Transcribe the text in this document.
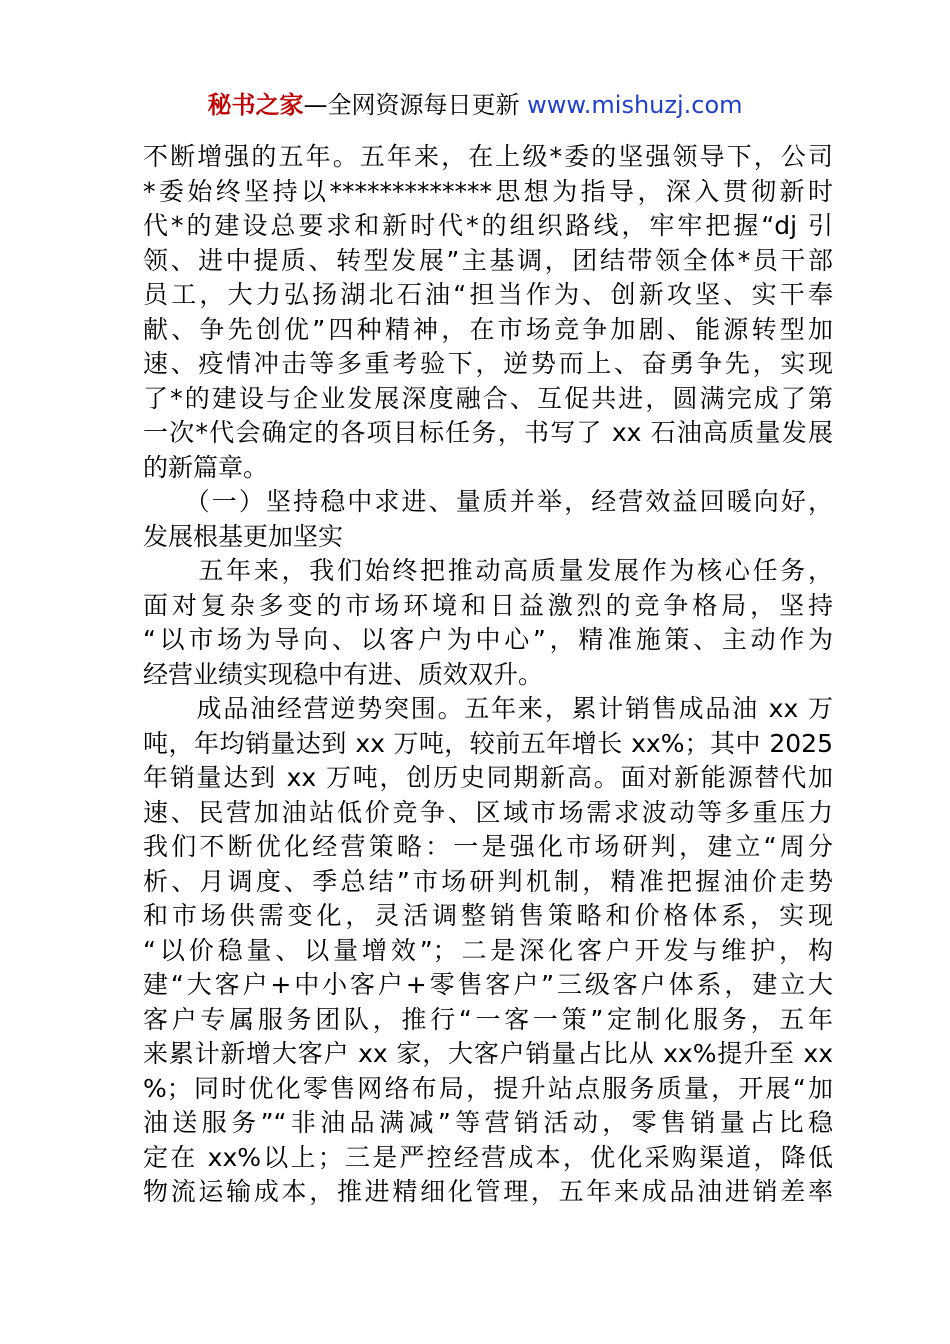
秘书之家—全网资源每日更新 www.mishuzj.com
不断增强的五年。五年来，在上级*委的坚强领导下，公司
*委始终坚持以*************思想为指导，深入贯彻新时
代*的建设总要求和新时代*的组织路线，牢牢把握“dj 引
领、进中提质、转型发展”主基调，团结带领全体*员干部
员工，大力弘扬湖北石油“担当作为、创新攻坚、实干奉
献、争先创优”四种精神，在市场竞争加剧、能源转型加
速、疫情冲击等多重考验下，逆势而上、奋勇争先，实现
了*的建设与企业发展深度融合、互促共进，圆满完成了第
一次*代会确定的各项目标任务，书写了 xx 石油高质量发展
的新篇章。
　　（一）坚持稳中求进、量质并举，经营效益回暖向好，
发展根基更加坚实
　　五年来，我们始终把推动高质量发展作为核心任务，
面对复杂多变的市场环境和日益激烈的竞争格局，坚持
“以市场为导向、以客户为中心”，精准施策、主动作为
经营业绩实现稳中有进、质效双升。
　　成品油经营逆势突围。五年来，累计销售成品油 xx 万
吨，年均销量达到 xx 万吨，较前五年增长 xx%；其中 2025
年销量达到 xx 万吨，创历史同期新高。面对新能源替代加
速、民营加油站低价竞争、区域市场需求波动等多重压力
我们不断优化经营策略：一是强化市场研判，建立“周分
析、月调度、季总结”市场研判机制，精准把握油价走势
和市场供需变化，灵活调整销售策略和价格体系，实现
“以价稳量、以量增效”；二是深化客户开发与维护，构
建“大客户+中小客户+零售客户”三级客户体系，建立大
客户专属服务团队，推行“一客一策”定制化服务，五年
来累计新增大客户 xx 家，大客户销量占比从 xx%提升至 xx
%；同时优化零售网络布局，提升站点服务质量，开展“加
油送服务”“非油品满减”等营销活动，零售销量占比稳
定在 xx%以上；三是严控经营成本，优化采购渠道，降低
物流运输成本，推进精细化管理，五年来成品油进销差率
